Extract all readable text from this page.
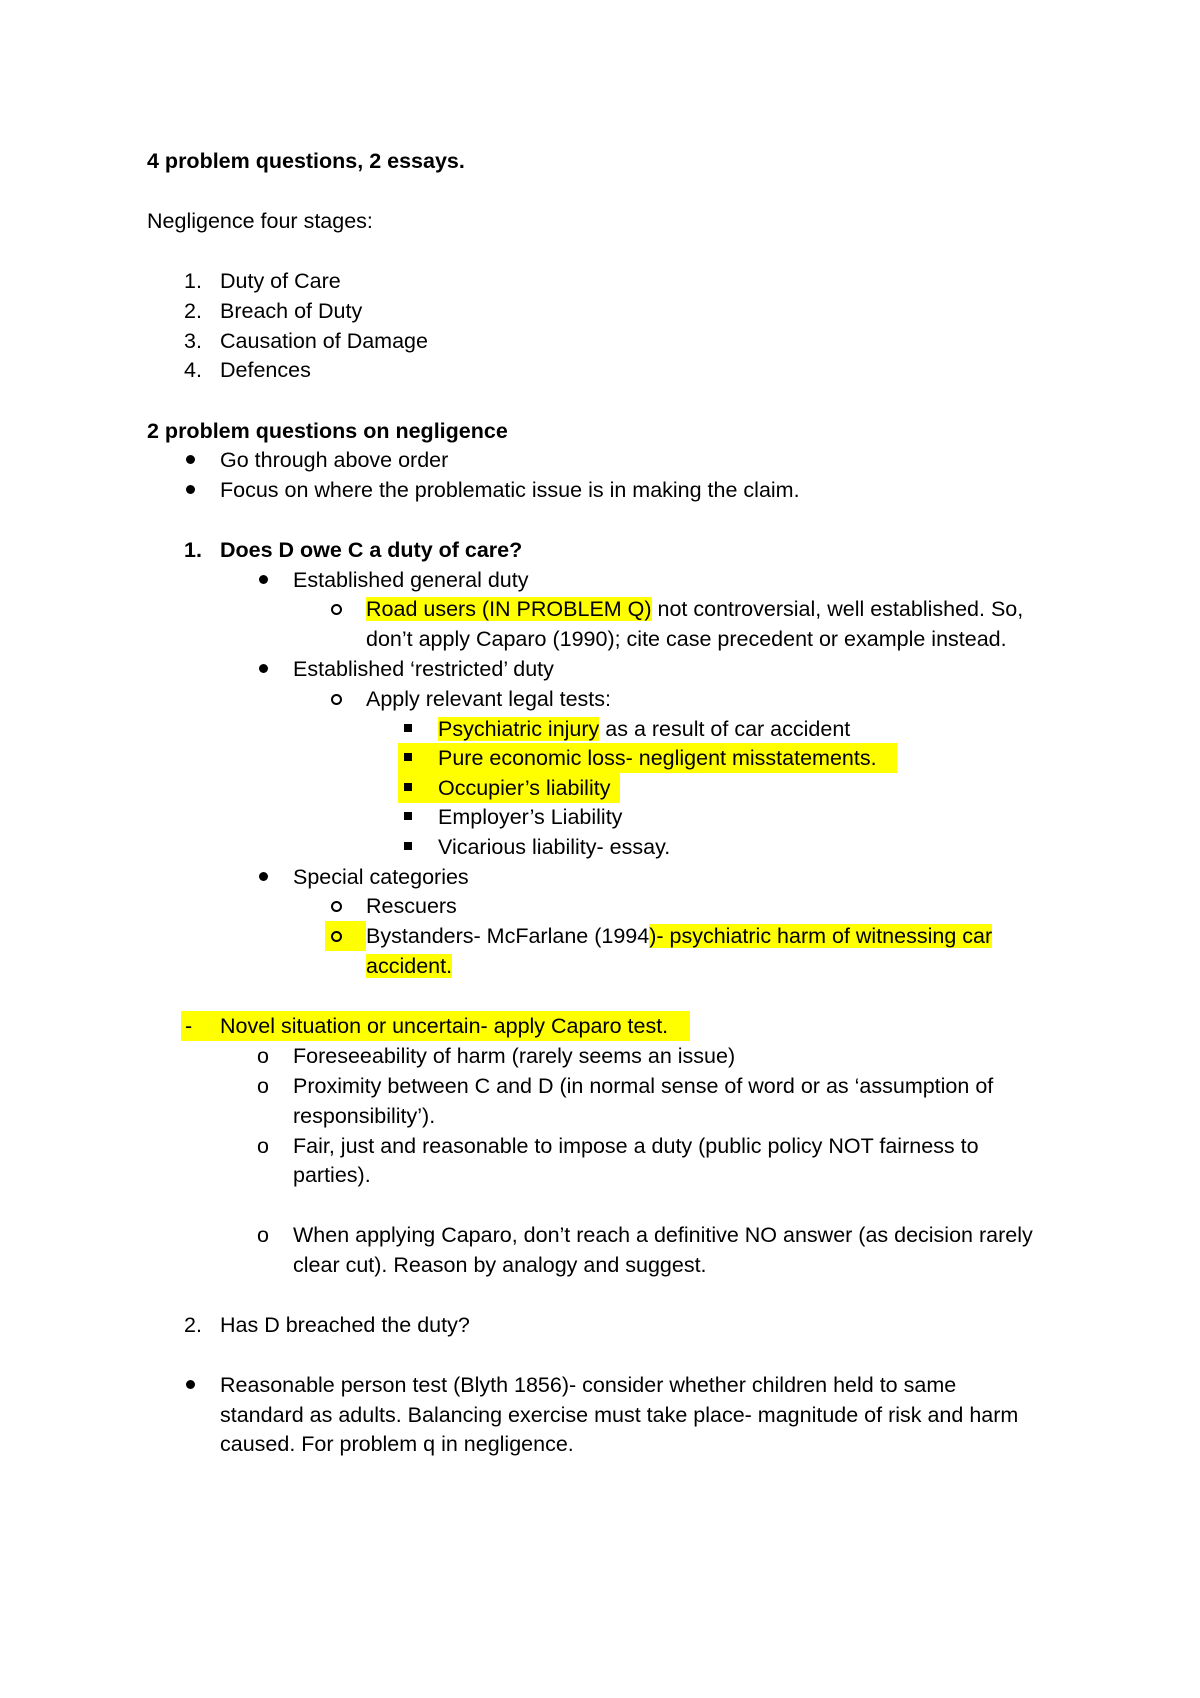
4 problem questions, 2 essays.
Negligence four stages:
1. Duty of Care
2. Breach of Duty
3. Causation of Damage
4. Defences
2 problem questions on negligence
Go through above order
Focus on where the problematic issue is in making the claim.
1. Does D owe C a duty of care?
Established general duty
Road users (IN PROBLEM Q) not controversial, well established. So,
don’t apply Caparo (1990); cite case precedent or example instead.
Established ‘restricted’ duty
Apply relevant legal tests:
Psychiatric injury as a result of car accident
Pure economic loss- negligent misstatements.
Occupier’s liability
Employer’s Liability
Vicarious liability- essay.
Special categories
Rescuers
Bystanders- McFarlane (1994)- psychiatric harm of witnessing car
accident.
- Novel situation or uncertain- apply Caparo test.
o Foreseeability of harm (rarely seems an issue)
o Proximity between C and D (in normal sense of word or as ‘assumption of
responsibility’).
o Fair, just and reasonable to impose a duty (public policy NOT fairness to
parties).
o When applying Caparo, don’t reach a definitive NO answer (as decision rarely
clear cut). Reason by analogy and suggest.
2. Has D breached the duty?
Reasonable person test (Blyth 1856)- consider whether children held to same
standard as adults. Balancing exercise must take place- magnitude of risk and harm
caused. For problem q in negligence.
